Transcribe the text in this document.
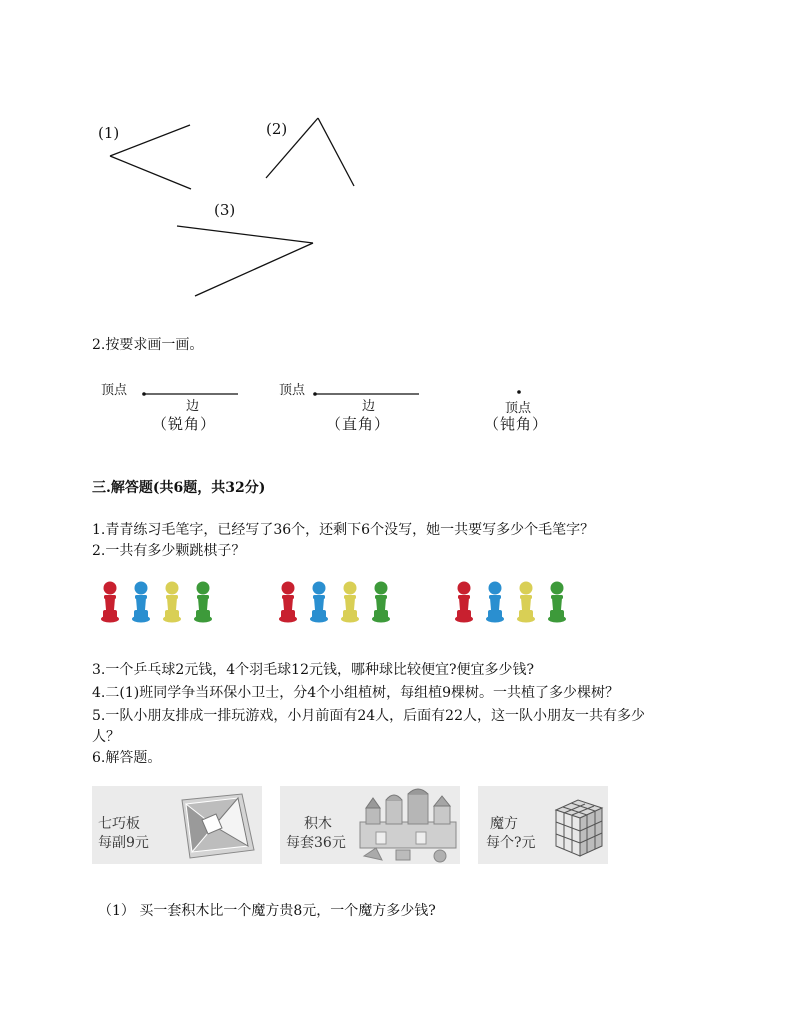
(1)	(2)
(3)
2.按要求画一画。
顶点
边
（锐角）
顶点
边
（直角）
顶点
（钝角）
三.解答题(共6题，共32分)
1.青青练习毛笔字，已经写了36个，还剩下6个没写，她一共要写多少个毛笔字？
2.一共有多少颗跳棋子？
3.一个乒乓球2元钱，4个羽毛球12元钱，哪种球比较便宜?便宜多少钱?
4.二(1)班同学争当环保小卫士，分4个小组植树，每组植9棵树。一共植了多少棵树？
5.一队小朋友排成一排玩游戏，小月前面有24人，后面有22人，这一队小朋友一共有多少
人？
6.解答题。
七巧板
每副9元
积木
每套36元
魔方
每个?元
（1） 买一套积木比一个魔方贵8元，一个魔方多少钱?
